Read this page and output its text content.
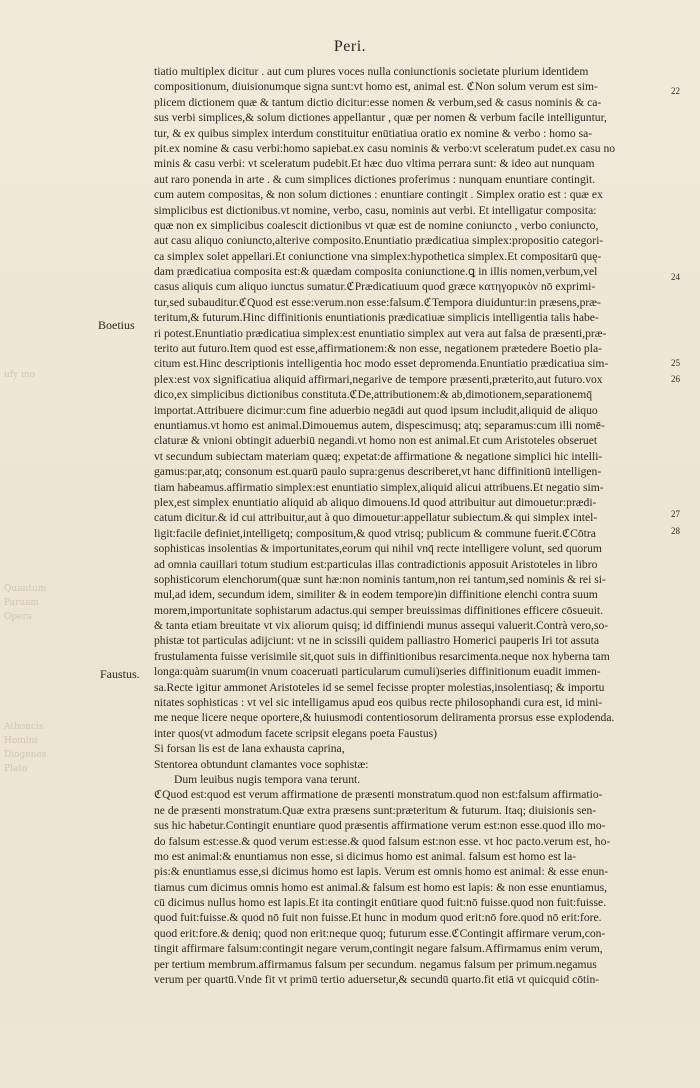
ufy mo
Quantum
Paruam
Opera
Athoncis
Homini
Diogenes
Plato
Peri.
Boetius
Faustus.
22
24
25
26
27
28
tiatio multiplex dicitur . aut cum plures voces nulla coniunctionis societate plurium identidem
compositionum, diuisionumque signa sunt:vt homo est, animal est. ℭNon solum verum est sim-
plicem dictionem quæ & tantum dictio dicitur:esse nomen & verbum,sed & casus nominis & ca-
sus verbi simplices,& solum dictiones appellantur , quæ per nomen & verbum facile intelliguntur,
tur, & ex quibus simplex interdum constituitur enūtiatiua oratio ex nomine & verbo : homo sa-
pit.ex nomine & casu verbi:homo sapiebat.ex casu nominis & verbo:vt sceleratum pudet.ex casu no
minis & casu verbi: vt sceleratum pudebit.Et hæc duo vltima perrara sunt: & ideo aut nunquam
aut raro ponenda in arte . & cum simplices dictiones proferimus : nunquam enuntiare contingit.
cum autem compositas, & non solum dictiones : enuntiare contingit . Simplex oratio est : quæ ex
simplicibus est dictionibus.vt nomine, verbo, casu, nominis aut verbi. Et intelligatur composita:
quæ non ex simplicibus coalescit dictionibus vt quæ est de nomine coniuncto , verbo coniuncto,
aut casu aliquo coniuncto,alterive composito.Enuntiatio prædicatiua simplex:propositio categori-
ca simplex solet appellari.Et coniunctione vna simplex:hypothetica simplex.Et compositarū quę-
dam prædicatiua composita est:& quædam composita coniunctione.ꝗ in illis nomen,verbum,vel
casus aliquis cum aliquo iunctus sumatur.ℭPrædicatiuum quod græce κατηγορικὸν nō exprimi-
tur,sed subauditur.ℭQuod est esse:verum.non esse:falsum.ℭTempora diuiduntur:in præsens,præ-
teritum,& futurum.Hinc diffinitionis enuntiationis prædicatiuæ simplicis intelligentia talis habe-
ri potest.Enuntiatio prædicatiua simplex:est enuntiatio simplex aut vera aut falsa de præsenti,præ-
terito aut futuro.Item quod est esse,affirmationem:& non esse, negationem prætedere Boetio pla-
citum est.Hinc descriptionis intelligentia hoc modo esset depromenda.Enuntiatio prædicatiua sim-
plex:est vox significatiua aliquid affirmari,negarive de tempore præsenti,præterito,aut futuro.vox
dico,ex simplicibus dictionibus constituta.ℭDe,attributionem:& ab,dimotionem,separationemq̄
importat.Attribuere dicimur:cum fine aduerbio negādi aut quod ipsum includit,aliquid de aliquo
enuntiamus.vt homo est animal.Dimouemus autem, dispescimusq; atq; separamus:cum illi nomē-
claturæ & vnioni obtingit aduerbiū negandi.vt homo non est animal.Et cum Aristoteles obseruet
vt secundum subiectam materiam quæq; expetat:de affirmatione & negatione simplici hic intelli-
gamus:par,atq; consonum est.quarū paulo supra:genus describeret,vt hanc diffinitionū intelligen-
tiam habeamus.affirmatio simplex:est enuntiatio simplex,aliquid alicui attribuens.Et negatio sim-
plex,est simplex enuntiatio aliquid ab aliquo dimouens.Id quod attribuitur aut dimouetur:prædi-
catum dicitur.& id cui attribuitur,aut à quo dimouetur:appellatur subiectum.& qui simplex intel-
ligit:facile definiet,intelligetq; compositum,& quod vtrisq; publicum & commune fuerit.ℭCōtra
sophisticas insolentias & importunitates,eorum qui nihil vnq̄ recte intelligere volunt, sed quorum
ad omnia cauillari totum studium est:particulas illas contradictionis apposuit Aristoteles in libro
sophisticorum elenchorum(quæ sunt hæ:non nominis tantum,non rei tantum,sed nominis & rei si-
mul,ad idem, secundum idem, similiter & in eodem tempore)in diffinitione elenchi contra suum
morem,importunitate sophistarum adactus.qui semper breuissimas diffinitiones efficere cōsueuit.
& tanta etiam breuitate vt vix aliorum quisq; id diffiniendi munus assequi valuerit.Contrà vero,so-
phistæ tot particulas adijciunt: vt ne in scissili quidem palliastro Homerici pauperis Iri tot assuta
frustulamenta fuisse verisimile sit,quot suis in diffinitionibus resarcimenta.neque nox hyberna tam
longa:quàm suarum(in vnum coaceruati particularum cumuli)series diffinitionum euadit immen-
sa.Recte igitur ammonet Aristoteles id se semel fecisse propter molestias,insolentiasq; & importu
nitates sophisticas : vt vel sic intelligamus apud eos quibus recte philosophandi cura est, id mini-
me neque licere neque oportere,& huiusmodi contentiosorum deliramenta prorsus esse explodenda.
inter quos(vt admodum facete scripsit elegans poeta Faustus)
Si forsan lis est de lana exhausta caprina,
Stentorea obtundunt clamantes voce sophistæ:
Dum leuibus nugis tempora vana terunt.
ℭQuod est:quod est verum affirmatione de præsenti monstratum.quod non est:falsum affirmatio-
ne de præsenti monstratum.Quæ extra præsens sunt:præteritum & futurum. Itaq; diuisionis sen-
sus hic habetur.Contingit enuntiare quod præsentis affirmatione verum est:non esse.quod illo mo-
do falsum est:esse.& quod verum est:esse.& quod falsum est:non esse. vt hoc pacto.verum est, ho-
mo est animal:& enuntiamus non esse, si dicimus homo est animal. falsum est homo est la-
pis:& enuntiamus esse,si dicimus homo est lapis. Verum est omnis homo est animal: & esse enun-
tiamus cum dicimus omnis homo est animal.& falsum est homo est lapis: & non esse enuntiamus,
cū dicimus nullus homo est lapis.Et ita contingit enūtiare quod fuit:nō fuisse.quod non fuit:fuisse.
quod fuit:fuisse.& quod nō fuit non fuisse.Et hunc in modum quod erit:nō fore.quod nō erit:fore.
quod erit:fore.& deniq; quod non erit:neque quoq; futurum esse.ℭContingit affirmare verum,con-
tingit affirmare falsum:contingit negare verum,contingit negare falsum.Affirmamus enim verum,
per tertium membrum.affirmamus falsum per secundum. negamus falsum per primum.negamus
verum per quartū.Vnde fit vt primū tertio aduersetur,& secundū quarto.fit etiā vt quicquid cōtin-
